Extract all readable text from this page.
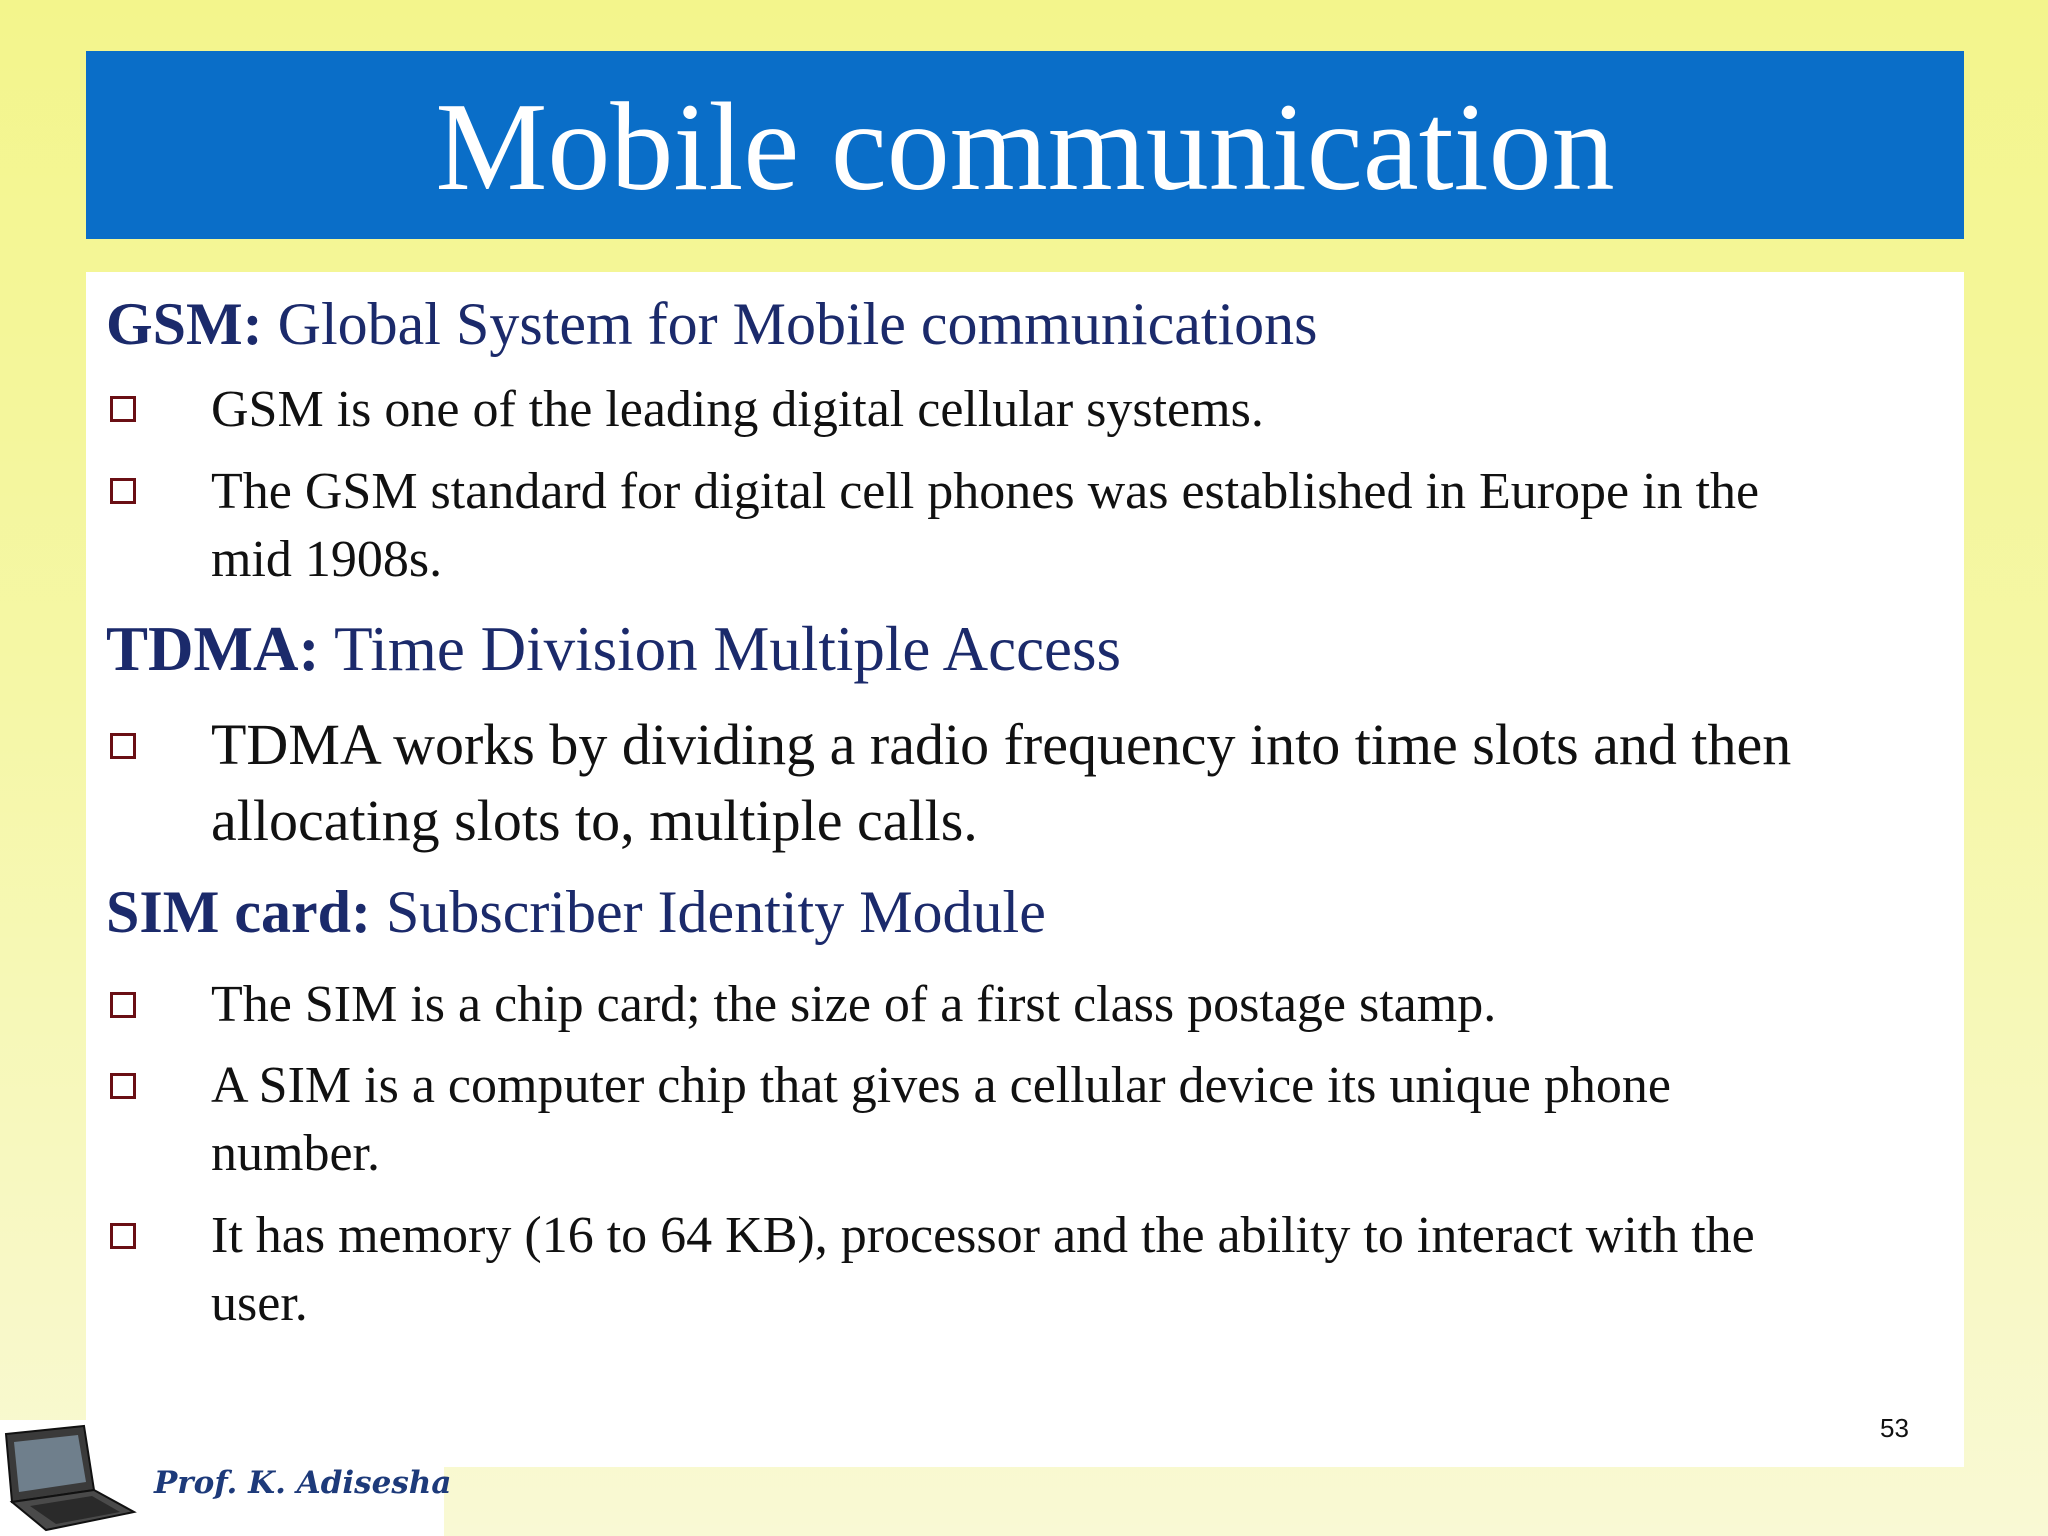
Mobile communication
GSM: Global System for Mobile communications
GSM is one of the leading digital cellular systems.
The GSM standard for digital cell phones was established in Europe in the
mid 1908s.
TDMA: Time Division Multiple Access
TDMA works by dividing a radio frequency into time slots and then
allocating slots to, multiple calls.
SIM card: Subscriber Identity Module
The SIM is a chip card; the size of a first class postage stamp.
A SIM is a computer chip that gives a cellular device its unique phone
number.
It has memory (16 to 64 KB), processor and the ability to interact with the
user.
53
Prof. K. Adisesha
